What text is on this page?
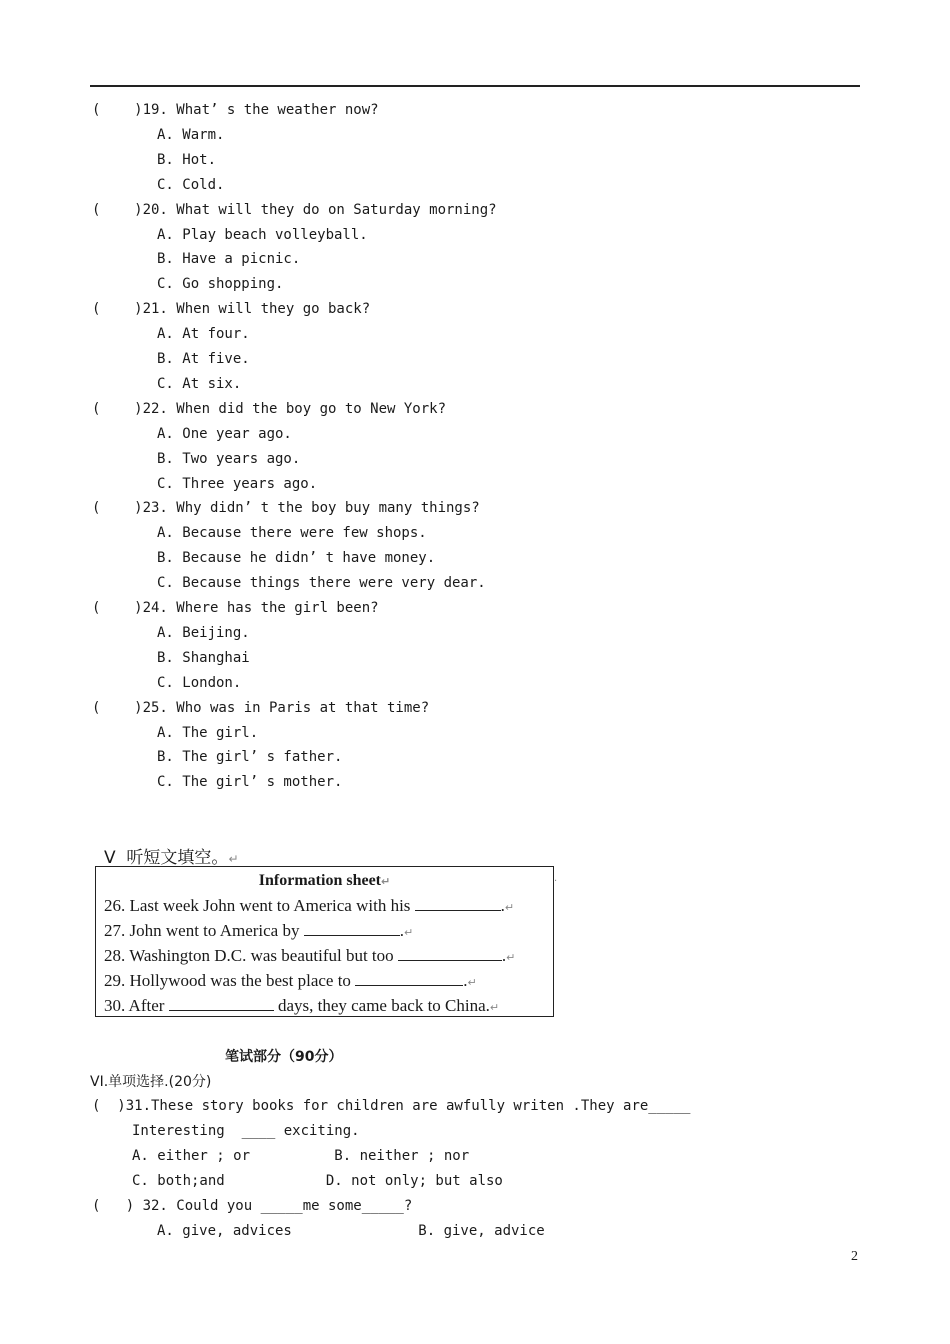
(    )19. What’ s the weather now?
A. Warm.
B. Hot.
C. Cold.
(    )20. What will they do on Saturday morning?
A. Play beach volleyball.
B. Have a picnic.
C. Go shopping.
(    )21. When will they go back?
A. At four.
B. At five.
C. At six.
(    )22. When did the boy go to New York?
A. One year ago.
B. Two years ago.
C. Three years ago.
(    )23. Why didn’ t the boy buy many things?
A. Because there were few shops.
B. Because he didn’ t have money.
C. Because things there were very dear.
(    )24. Where has the girl been?
A. Beijing.
B. Shanghai
C. London.
(    )25. Who was in Paris at that time?
A. The girl.
B. The girl’ s father.
C. The girl’ s mother.
V  听短文填空。↵
Information sheet↵
26. Last week John went to America with his	.↵
27. John went to America by	.↵
28. Washington D.C. was beautiful but too	.↵
29. Hollywood was the best place to	.↵
30. After	days, they came back to China.↵
·
笔试部分（90分）
VI.单项选择.(20分)
(  )31.These story books for children are awfully writen .They are_____
Interesting  ____ exciting.
A. either ; or          B. neither ; nor
C. both;and            D. not only; but also
(   ) 32. Could you _____me some_____?
A. give, advices               B. give, advice
2
